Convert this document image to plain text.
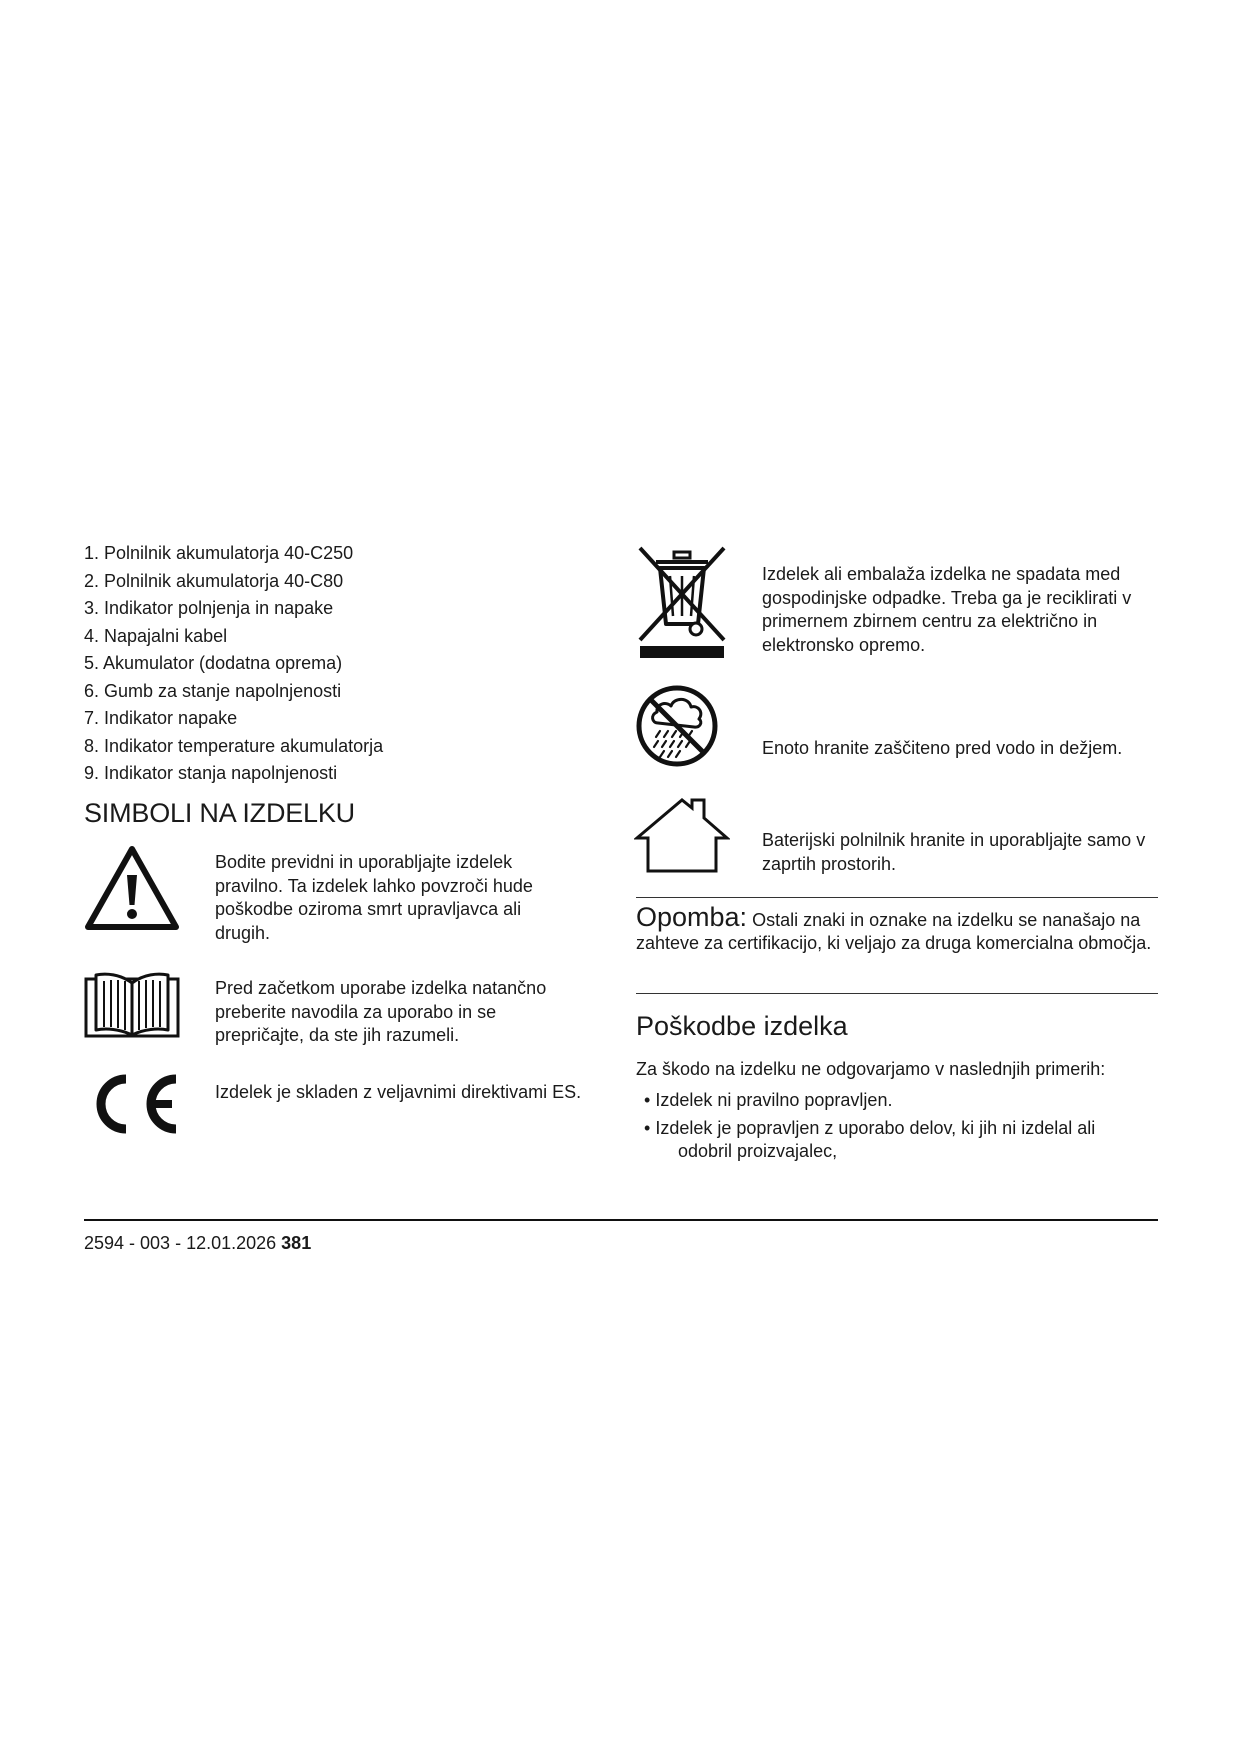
1. Polnilnik akumulatorja 40-C250
2. Polnilnik akumulatorja 40-C80
3. Indikator polnjenja in napake
4. Napajalni kabel
5. Akumulator (dodatna oprema)
6. Gumb za stanje napolnjenosti
7. Indikator napake
8. Indikator temperature akumulatorja
9. Indikator stanja napolnjenosti
SIMBOLI NA IZDELKU

Bodite previdni in uporabljajte izdelek pravilno. Ta izdelek lahko povzroči hude poškodbe oziroma smrt upravljavca ali drugih.

Pred začetkom uporabe izdelka natančno preberite navodila za uporabo in se prepričajte, da ste jih razumeli.

Izdelek je skladen z veljavnimi direktivami ES.

Izdelek ali embalaža izdelka ne spadata med gospodinjske odpadke. Treba ga je reciklirati v primernem zbirnem centru za električno in elektronsko opremo.

Enoto hranite zaščiteno pred vodo in dežjem.

Baterijski polnilnik hranite in uporabljajte samo v zaprtih prostorih.

Opomba: Ostali znaki in oznake na izdelku se nanašajo na zahteve za certifikacijo, ki veljajo za druga komercialna območja.

Poškodbe izdelka

Za škodo na izdelku ne odgovarjamo v naslednjih primerih:

• Izdelek ni pravilno popravljen.
• Izdelek je popravljen z uporabo delov, ki jih ni izdelal ali
odobril proizvajalec,

2594 - 003 - 12.01.2026 381
